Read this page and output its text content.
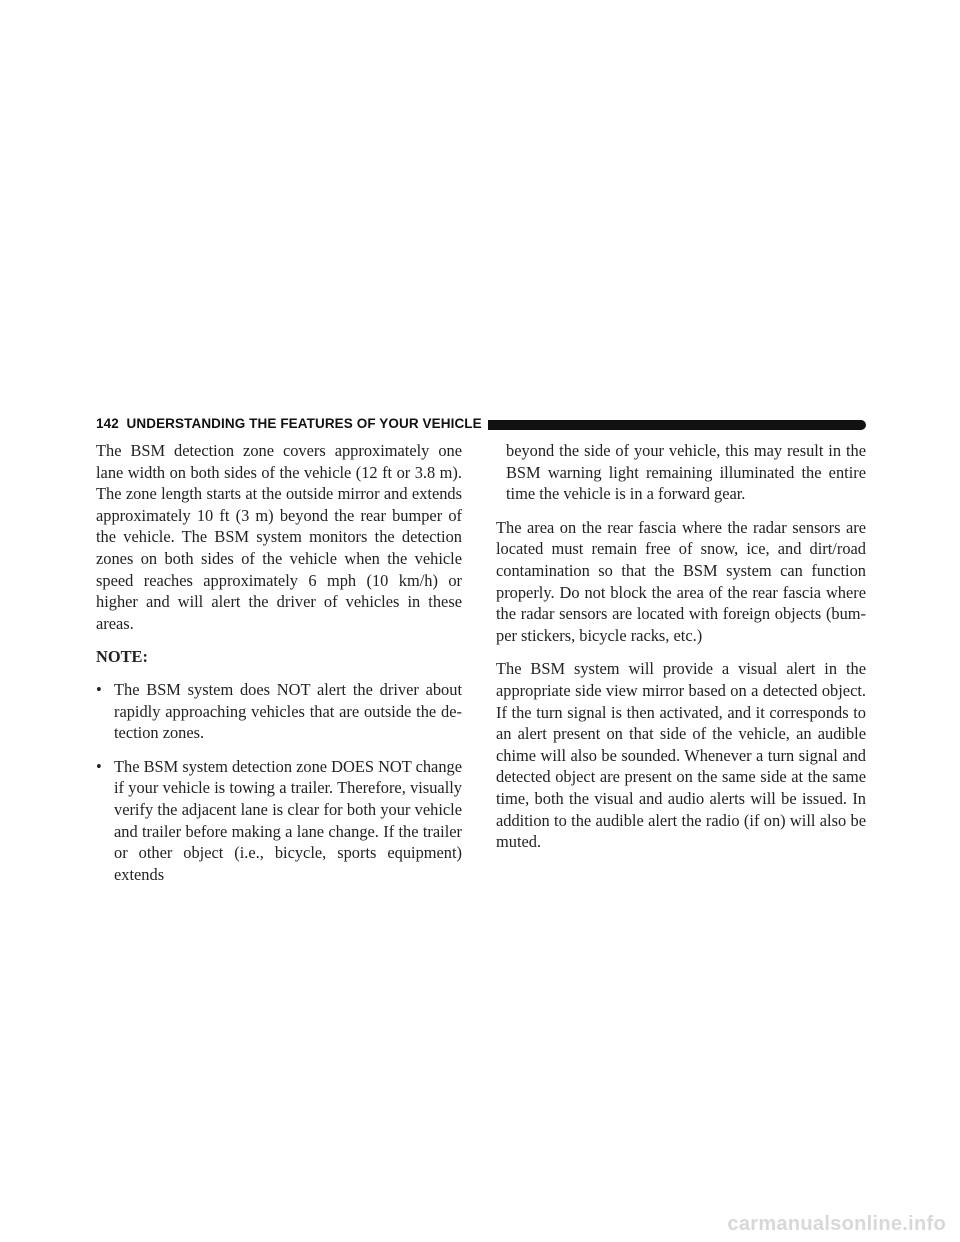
142 UNDERSTANDING THE FEATURES OF YOUR VEHICLE

The BSM detection zone covers approximately one lane width on both sides of the vehicle (12 ft or 3.8 m). The zone length starts at the outside mirror and extends approximately 10 ft (3 m) beyond the rear bumper of the vehicle. The BSM system monitors the detection zones on both sides of the vehicle when the vehicle speed reaches approximately 6 mph (10 km/h) or higher and will alert the driver of vehicles in these areas.

NOTE:

• The BSM system does NOT alert the driver about rapidly approaching vehicles that are outside the de-tection zones.
• The BSM system detection zone DOES NOT change if your vehicle is towing a trailer. Therefore, visually verify the adjacent lane is clear for both your vehicle and trailer before making a lane change. If the trailer or other object (i.e., bicycle, sports equipment) extends
beyond the side of your vehicle, this may result in the BSM warning light remaining illuminated the entire time the vehicle is in a forward gear.

The area on the rear fascia where the radar sensors are located must remain free of snow, ice, and dirt/road contamination so that the BSM system can function properly. Do not block the area of the rear fascia where the radar sensors are located with foreign objects (bum-per stickers, bicycle racks, etc.)

The BSM system will provide a visual alert in the appropriate side view mirror based on a detected object. If the turn signal is then activated, and it corresponds to an alert present on that side of the vehicle, an audible chime will also be sounded. Whenever a turn signal and detected object are present on the same side at the same time, both the visual and audio alerts will be issued. In addition to the audible alert the radio (if on) will also be muted.

carmanualsonline.info
